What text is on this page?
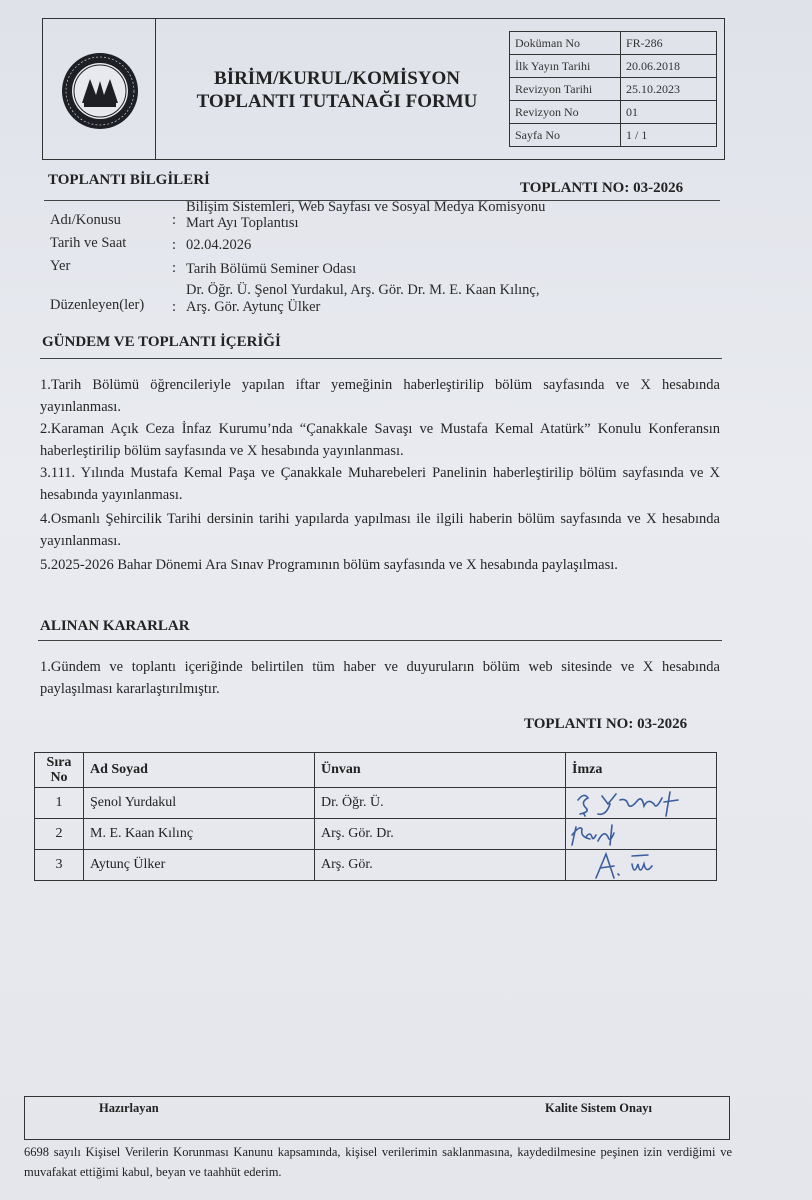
BİRİM/KURUL/KOMİSYON
TOPLANTI TUTANAĞI FORMU
Doküman No	FR-286
İlk Yayın Tarihi	20.06.2018
Revizyon Tarihi	25.10.2023
Revizyon No	01
Sayfa No	1 / 1
TOPLANTI BİLGİLERİ	TOPLANTI NO: 03-2026
Bilişim Sistemleri, Web Sayfası ve Sosyal Medya Komisyonu
Adı/Konusu	: Mart Ayı Toplantısı
Tarih ve Saat	: 02.04.2026
Yer	: Tarih Bölümü Seminer Odası
Dr. Öğr. Ü. Şenol Yurdakul, Arş. Gör. Dr. M. E. Kaan Kılınç,
Düzenleyen(ler) : Arş. Gör. Aytunç Ülker
GÜNDEM VE TOPLANTI İÇERİĞİ

1.Tarih Bölümü öğrencileriyle yapılan iftar yemeğinin haberleştirilip bölüm sayfasında ve X hesabında yayınlanması.

2.Karaman Açık Ceza İnfaz Kurumu’nda “Çanakkale Savaşı ve Mustafa Kemal Atatürk” Konulu Konferansın haberleştirilip bölüm sayfasında ve X hesabında yayınlanması.

3.111. Yılında Mustafa Kemal Paşa ve Çanakkale Muharebeleri Panelinin haberleştirilip bölüm sayfasında ve X hesabında yayınlanması.

4.Osmanlı Şehircilik Tarihi dersinin tarihi yapılarda yapılması ile ilgili haberin bölüm sayfasında ve X hesabında yayınlanması.

5.2025-2026 Bahar Dönemi Ara Sınav Programının bölüm sayfasında ve X hesabında paylaşılması.

ALINAN KARARLAR

1.Gündem ve toplantı içeriğinde belirtilen tüm haber ve duyuruların bölüm web sitesinde ve X hesabında paylaşılması kararlaştırılmıştır.

TOPLANTI NO: 03-2026
Sıra No	Ad Soyad	Ünvan	İmza
1	Şenol Yurdakul	Dr. Öğr. Ü.	

2	M. E. Kaan Kılınç	Arş. Gör. Dr.	

3	Aytunç Ülker	Arş. Gör.	
Hazırlayan	Kalite Sistem Onayı
6698 sayılı Kişisel Verilerin Korunması Kanunu kapsamında, kişisel verilerimin saklanmasına, kaydedilmesine peşinen izin verdiğimi ve muvafakat ettiğimi kabul, beyan ve taahhüt ederim.
